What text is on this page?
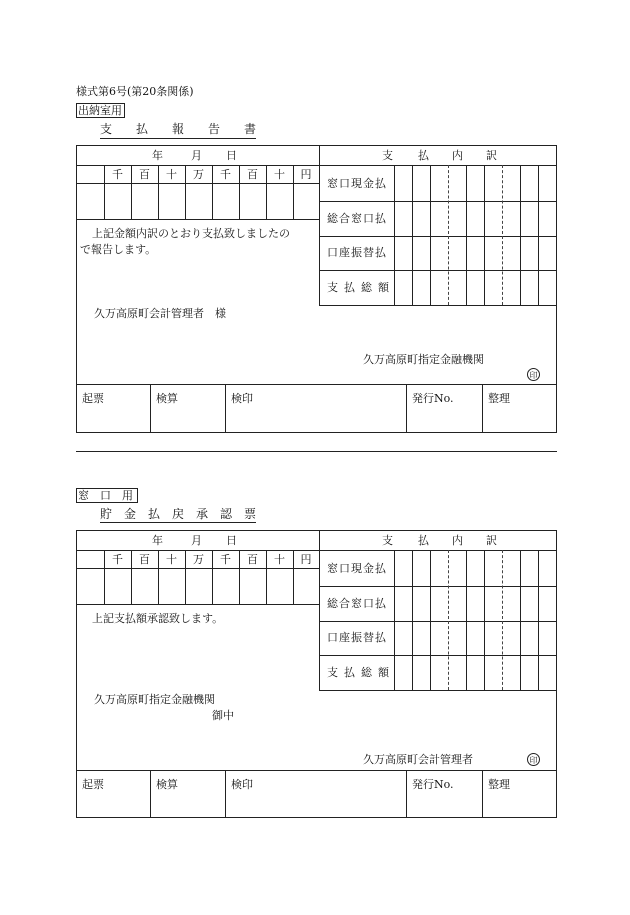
様式第6号(第20条関係)
出納室用
支 払 報 告 書
年	月 日	支 払 内 訳
千	百	十	万	千	百	十	円
窓口現金払
総合窓口払
口座振替払
支払総額
上記金額内訳のとおり支払致しましたの
で報告します。
久万高原町会計管理者　様
久万高原町指定金融機関
印
起票	検算	検印	発行No.	整理
窓　口　用
貯 金 払 戻 承 認 票
年	月 日	支 払 内 訳
千	百	十	万	千	百	十	円
窓口現金払
総合窓口払
口座振替払
支払総額
上記支払額承認致します。
久万高原町指定金融機関
御中
久万高原町会計管理者	印
起票	検算	検印	発行No.	整理
